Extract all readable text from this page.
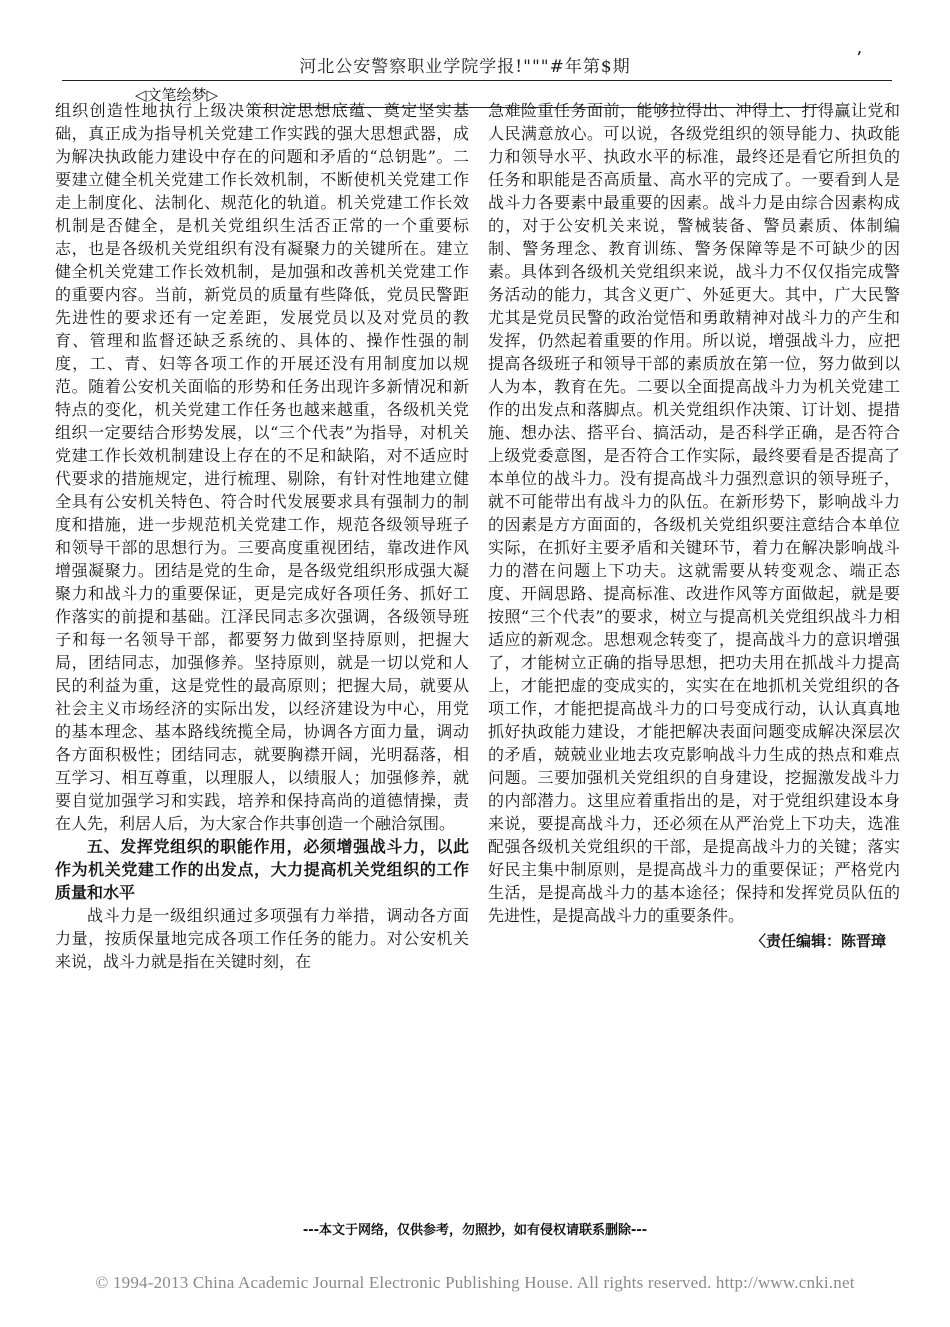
河北公安警察职业学院学报!"""#年第$期	’
◁文笔绘梦▷

组织创造性地执行上级决策积淀思想底蕴、奠定坚实基础，真正成为指导机关党建工作实践的强大思想武器，成为解决执政能力建设中存在的问题和矛盾的“总钥匙”。二要建立健全机关党建工作长效机制，不断使机关党建工作走上制度化、法制化、规范化的轨道。机关党建工作长效机制是否健全，是机关党组织生活否正常的一个重要标志，也是各级机关党组织有没有凝聚力的关键所在。建立健全机关党建工作长效机制，是加强和改善机关党建工作的重要内容。当前，新党员的质量有些降低，党员民警距先进性的要求还有一定差距，发展党员以及对党员的教育、管理和监督还缺乏系统的、具体的、操作性强的制度，工、青、妇等各项工作的开展还没有用制度加以规范。随着公安机关面临的形势和任务出现许多新情况和新特点的变化，机关党建工作任务也越来越重，各级机关党组织一定要结合形势发展，以“三个代表”为指导，对机关党建工作长效机制建设上存在的不足和缺陷，对不适应时代要求的措施规定，进行梳理、剔除，有针对性地建立健全具有公安机关特色、符合时代发展要求具有强制力的制度和措施，进一步规范机关党建工作，规范各级领导班子和领导干部的思想行为。三要高度重视团结，靠改进作风增强凝聚力。团结是党的生命，是各级党组织形成强大凝聚力和战斗力的重要保证，更是完成好各项任务、抓好工作落实的前提和基础。江泽民同志多次强调，各级领导班子和每一名领导干部，都要努力做到坚持原则，把握大局，团结同志，加强修养。坚持原则，就是一切以党和人民的利益为重，这是党性的最高原则；把握大局，就要从社会主义市场经济的实际出发，以经济建设为中心，用党的基本理念、基本路线统揽全局，协调各方面力量，调动各方面积极性；团结同志，就要胸襟开阔，光明磊落，相互学习、相互尊重，以理服人，以绩服人；加强修养，就要自觉加强学习和实践，培养和保持高尚的道德情操，责在人先，利居人后，为大家合作共事创造一个融洽氛围。

五、发挥党组织的职能作用，必须增强战斗力，以此作为机关党建工作的出发点，大力提高机关党组织的工作质量和水平

战斗力是一级组织通过多项强有力举措，调动各方面力量，按质保量地完成各项工作任务的能力。对公安机关来说，战斗力就是指在关键时刻，在

急难险重任务面前，能够拉得出、冲得上、打得赢让党和人民满意放心。可以说，各级党组织的领导能力、执政能力和领导水平、执政水平的标准，最终还是看它所担负的任务和职能是否高质量、高水平的完成了。一要看到人是战斗力各要素中最重要的因素。战斗力是由综合因素构成的，对于公安机关来说，警械装备、警员素质、体制编制、警务理念、教育训练、警务保障等是不可缺少的因素。具体到各级机关党组织来说，战斗力不仅仅指完成警务活动的能力，其含义更广、外延更大。其中，广大民警尤其是党员民警的政治觉悟和勇敢精神对战斗力的产生和发挥，仍然起着重要的作用。所以说，增强战斗力，应把提高各级班子和领导干部的素质放在第一位，努力做到以人为本，教育在先。二要以全面提高战斗力为机关党建工作的出发点和落脚点。机关党组织作决策、订计划、提措施、想办法、搭平台、搞活动，是否科学正确，是否符合上级党委意图，是否符合工作实际，最终要看是否提高了本单位的战斗力。没有提高战斗力强烈意识的领导班子，就不可能带出有战斗力的队伍。在新形势下，影响战斗力的因素是方方面面的，各级机关党组织要注意结合本单位实际，在抓好主要矛盾和关键环节，着力在解决影响战斗力的潜在问题上下功夫。这就需要从转变观念、端正态度、开阔思路、提高标准、改进作风等方面做起，就是要按照“三个代表”的要求，树立与提高机关党组织战斗力相适应的新观念。思想观念转变了，提高战斗力的意识增强了，才能树立正确的指导思想，把功夫用在抓战斗力提高上，才能把虚的变成实的，实实在在地抓机关党组织的各项工作，才能把提高战斗力的口号变成行动，认认真真地抓好执政能力建设，才能把解决表面问题变成解决深层次的矛盾，兢兢业业地去攻克影响战斗力生成的热点和难点问题。三要加强机关党组织的自身建设，挖掘激发战斗力的内部潜力。这里应着重指出的是，对于党组织建设本身来说，要提高战斗力，还必须在从严治党上下功夫，选准配强各级机关党组织的干部，是提高战斗力的关键；落实好民主集中制原则，是提高战斗力的重要保证；严格党内生活，是提高战斗力的基本途径；保持和发挥党员队伍的先进性，是提高战斗力的重要条件。

〈责任编辑：陈晋璋
---本文于网络，仅供参考，勿照抄，如有侵权请联系删除---
© 1994-2013 China Academic Journal Electronic Publishing House. All rights reserved. http://www.cnki.net
